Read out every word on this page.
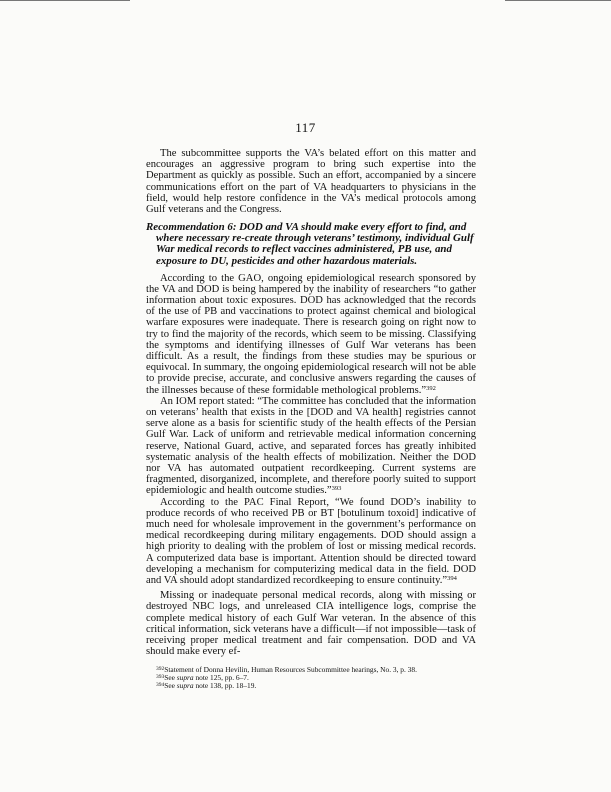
117

The subcommittee supports the VA’s belated effort on this matter and encourages an aggressive program to bring such expertise into the Department as quickly as possible. Such an effort, accompanied by a sincere communications effort on the part of VA headquarters to physicians in the field, would help restore confidence in the VA’s medical protocols among Gulf veterans and the Congress.

Recommendation 6: DOD and VA should make every effort to find, and where necessary re-create through veterans’ testimony, individual Gulf War medical records to reflect vaccines administered, PB use, and exposure to DU, pesticides and other hazardous materials.

According to the GAO, ongoing epidemiological research sponsored by the VA and DOD is being hampered by the inability of researchers “to gather information about toxic exposures. DOD has acknowledged that the records of the use of PB and vaccinations to protect against chemical and biological warfare exposures were inadequate. There is research going on right now to try to find the majority of the records, which seem to be missing. Classifying the symptoms and identifying illnesses of Gulf War veterans has been difficult. As a result, the findings from these studies may be spurious or equivocal. In summary, the ongoing epidemiological research will not be able to provide precise, accurate, and conclusive answers regarding the causes of the illnesses because of these formidable methological problems.”$^{392}$

An IOM report stated: “The committee has concluded that the information on veterans’ health that exists in the [DOD and VA health] registries cannot serve alone as a basis for scientific study of the health effects of the Persian Gulf War. Lack of uniform and retrievable medical information concerning reserve, National Guard, active, and separated forces has greatly inhibited systematic analysis of the health effects of mobilization. Neither the DOD nor VA has automated outpatient recordkeeping. Current systems are fragmented, disorganized, incomplete, and therefore poorly suited to support epidemiologic and health outcome studies.”$^{393}$

According to the PAC Final Report, “We found DOD’s inability to produce records of who received PB or BT [botulinum toxoid] indicative of much need for wholesale improvement in the government’s performance on medical recordkeeping during military engagements. DOD should assign a high priority to dealing with the problem of lost or missing medical records. A computerized data base is important. Attention should be directed toward developing a mechanism for computerizing medical data in the field. DOD and VA should adopt standardized recordkeeping to ensure continuity.”$^{394}$

Missing or inadequate personal medical records, along with missing or destroyed NBC logs, and unreleased CIA intelligence logs, comprise the complete medical history of each Gulf War veteran. In the absence of this critical information, sick veterans have a difficult—if not impossible—task of receiving proper medical treatment and fair compensation. DOD and VA should make every ef-

$^{392}$Statement of Donna Hevilin, Human Resources Subcommittee hearings, No. 3, p. 38.

$^{393}$See supra note 125, pp. 6–7.

$^{394}$See supra note 138, pp. 18–19.
